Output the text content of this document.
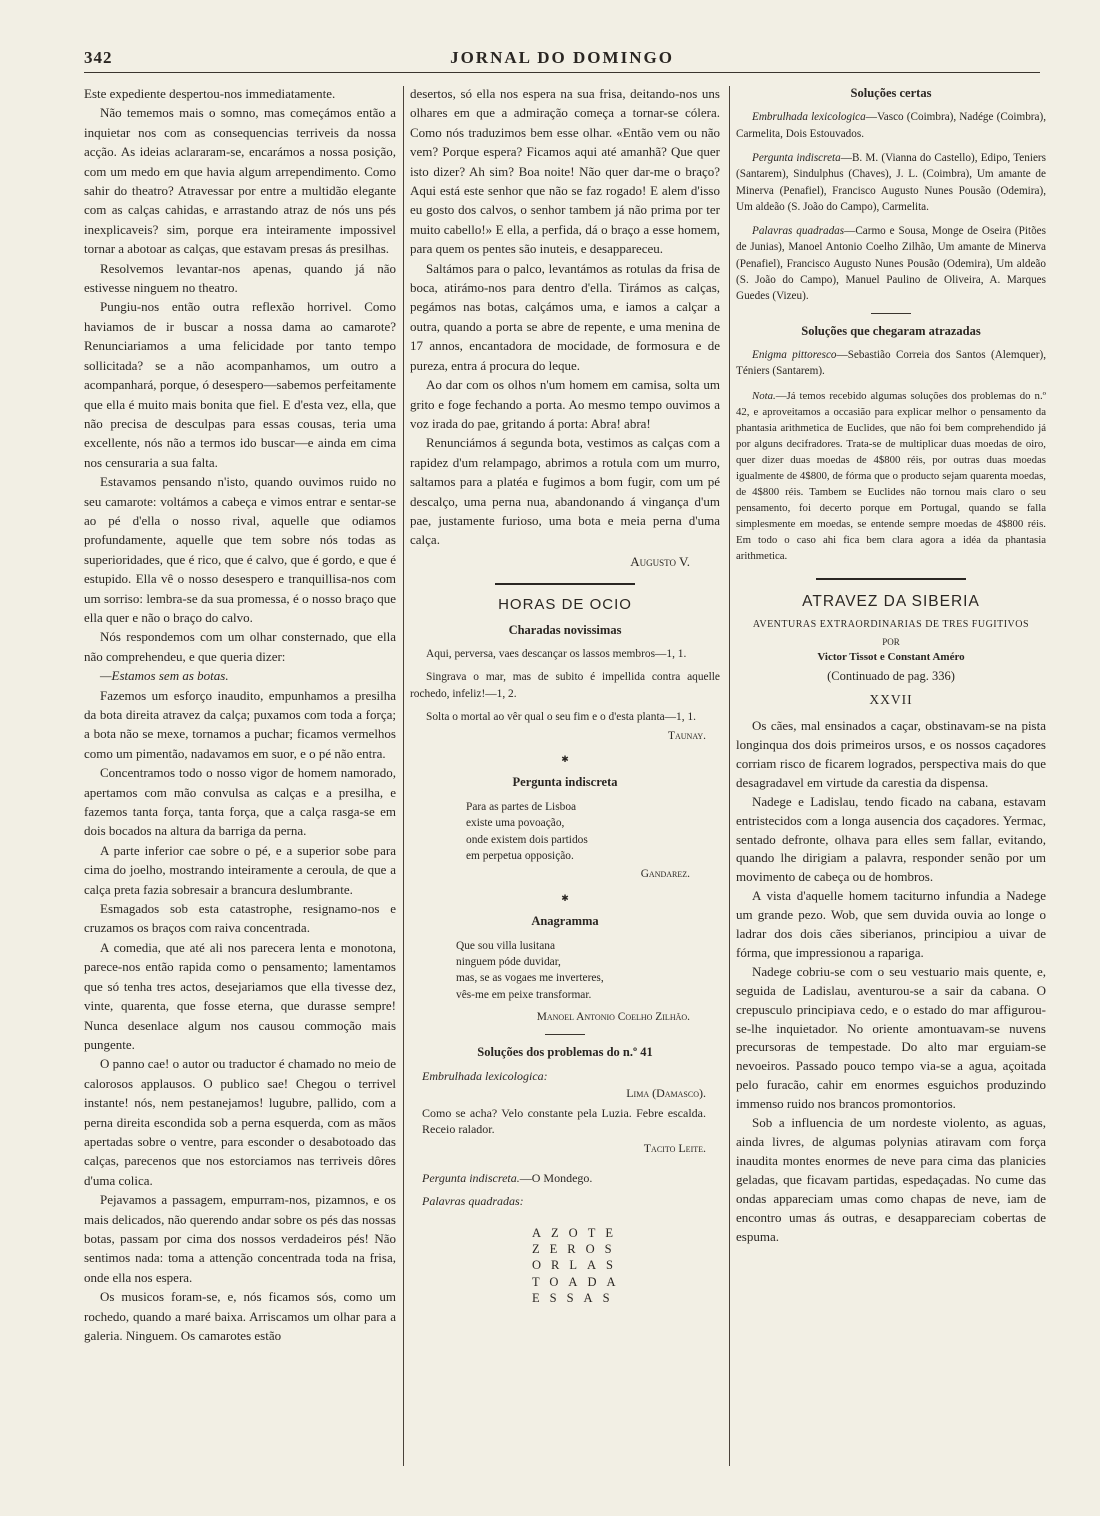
342	JORNAL DO DOMINGO

Este expediente despertou-nos immediatamente.

Não tememos mais o somno, mas começámos então a inquietar nos com as consequencias terriveis da nossa acção. As ideias aclararam-se, encarámos a nossa posição, com um medo em que havia algum arrependimento. Como sahir do theatro? Atravessar por entre a multidão elegante com as calças cahidas, e arrastando atraz de nós uns pés inexplicaveis? sim, porque era inteiramente impossivel tornar a abotoar as calças, que estavam presas ás presilhas.

Resolvemos levantar-nos apenas, quando já não estivesse ninguem no theatro.

Pungiu-nos então outra reflexão horrivel. Como haviamos de ir buscar a nossa dama ao camarote? Renunciariamos a uma felicidade por tanto tempo sollicitada? se a não acompanhamos, um outro a acompanhará, porque, ó desespero—sabemos perfeitamente que ella é muito mais bonita que fiel. E d'esta vez, ella, que não precisa de desculpas para essas cousas, teria uma excellente, nós não a termos ido buscar—e ainda em cima nos censuraria a sua falta.

Estavamos pensando n'isto, quando ouvimos ruido no seu camarote: voltámos a cabeça e vimos entrar e sentar-se ao pé d'ella o nosso rival, aquelle que odiamos profundamente, aquelle que tem sobre nós todas as superioridades, que é rico, que é calvo, que é gordo, e que é estupido. Ella vê o nosso desespero e tranquillisa-nos com um sorriso: lembra-se da sua promessa, é o nosso braço que ella quer e não o braço do calvo.

Nós respondemos com um olhar consternado, que ella não comprehendeu, e que queria dizer:

—Estamos sem as botas.

Fazemos um esforço inaudito, empunhamos a presilha da bota direita atravez da calça; puxamos com toda a força; a bota não se mexe, tornamos a puchar; ficamos vermelhos como um pimentão, nadavamos em suor, e o pé não entra.

Concentramos todo o nosso vigor de homem namorado, apertamos com mão convulsa as calças e a presilha, e fazemos tanta força, tanta força, que a calça rasga-se em dois bocados na altura da barriga da perna.

A parte inferior cae sobre o pé, e a superior sobe para cima do joelho, mostrando inteiramente a ceroula, de que a calça preta fazia sobresair a brancura deslumbrante.

Esmagados sob esta catastrophe, resignamo-nos e cruzamos os braços com raiva concentrada.

A comedia, que até ali nos parecera lenta e monotona, parece-nos então rapida como o pensamento; lamentamos que só tenha tres actos, desejariamos que ella tivesse dez, vinte, quarenta, que fosse eterna, que durasse sempre! Nunca desenlace algum nos causou commoção mais pungente.

O panno cae! o autor ou traductor é chamado no meio de calorosos applausos. O publico sae! Chegou o terrivel instante! nós, nem pestanejamos! lugubre, pallido, com a perna direita escondida sob a perna esquerda, com as mãos apertadas sobre o ventre, para esconder o desabotoado das calças, parecenos que nos estorciamos nas terriveis dôres d'uma colica.

Pejavamos a passagem, empurram-nos, pizamnos, e os mais delicados, não querendo andar sobre os pés das nossas botas, passam por cima dos nossos verdadeiros pés! Não sentimos nada: toma a attenção concentrada toda na frisa, onde ella nos espera.

Os musicos foram-se, e, nós ficamos sós, como um rochedo, quando a maré baixa. Arriscamos um olhar para a galeria. Ninguem. Os camarotes estão

desertos, só ella nos espera na sua frisa, deitando-nos uns olhares em que a admiração começa a tornar-se cólera. Como nós traduzimos bem esse olhar. «Então vem ou não vem? Porque espera? Ficamos aqui até amanhã? Que quer isto dizer? Ah sim? Boa noite! Não quer dar-me o braço? Aqui está este senhor que não se faz rogado! E alem d'isso eu gosto dos calvos, o senhor tambem já não prima por ter muito cabello!» E ella, a perfida, dá o braço a esse homem, para quem os pentes são inuteis, e desappareceu.

Saltámos para o palco, levantámos as rotulas da frisa de boca, atirámo-nos para dentro d'ella. Tirámos as calças, pegámos nas botas, calçámos uma, e iamos a calçar a outra, quando a porta se abre de repente, e uma menina de 17 annos, encantadora de mocidade, de formosura e de pureza, entra á procura do leque.

Ao dar com os olhos n'um homem em camisa, solta um grito e foge fechando a porta. Ao mesmo tempo ouvimos a voz irada do pae, gritando á porta: Abra! abra!

Renunciámos á segunda bota, vestimos as calças com a rapidez d'um relampago, abrimos a rotula com um murro, saltamos para a platéa e fugimos a bom fugir, com um pé descalço, uma perna nua, abandonando á vingança d'um pae, justamente furioso, uma bota e meia perna d'uma calça.

Augusto V.
HORAS DE OCIO
Charadas novissimas

Aqui, perversa, vaes descançar os lassos membros—1, 1.

Singrava o mar, mas de subito é impellida contra aquelle rochedo, infeliz!—1, 2.

Solta o mortal ao vêr qual o seu fim e o d'esta planta—1, 1.

Taunay.
✱
Pergunta indiscreta
Para as partes de Lisboa
existe uma povoação,
onde existem dois partidos
em perpetua opposição.
Gandarez.
✱
Anagramma
Que sou villa lusitana
ninguem póde duvidar,
mas, se as vogaes me inverteres,
vês-me em peixe transformar.
Manoel Antonio Coelho Zilhão.
Soluções dos problemas do n.º 41
Embrulhada lexicologica:
Lima (Damasco).

Como se acha? Velo constante pela Luzia. Febre escalda. Receio ralador.

Tacito Leite.
Pergunta indiscreta.—O Mondego.
Palavras quadradas:
AZOTE
ZEROS
ORLAS
TOADA
ESSAS
Soluções certas

Embrulhada lexicologica—Vasco (Coimbra), Nadége (Coimbra), Carmelita, Dois Estouvados.

Pergunta indiscreta—B. M. (Vianna do Castello), Edipo, Teniers (Santarem), Sindulphus (Chaves), J. L. (Coimbra), Um amante de Minerva (Penafiel), Francisco Augusto Nunes Pousão (Odemira), Um aldeão (S. João do Campo), Carmelita.

Palavras quadradas—Carmo e Sousa, Monge de Oseira (Pitões de Junias), Manoel Antonio Coelho Zilhão, Um amante de Minerva (Penafiel), Francisco Augusto Nunes Pousão (Odemira), Um aldeão (S. João do Campo), Manuel Paulino de Oliveira, A. Marques Guedes (Vizeu).

Soluções que chegaram atrazadas

Enigma pittoresco—Sebastião Correia dos Santos (Alemquer), Téniers (Santarem).

Nota.—Já temos recebido algumas soluções dos problemas do n.º 42, e aproveitamos a occasião para explicar melhor o pensamento da phantasia arithmetica de Euclides, que não foi bem comprehendido já por alguns decifradores. Trata-se de multiplicar duas moedas de oiro, quer dizer duas moedas de 4$800 réis, por outras duas moedas igualmente de 4$800, de fórma que o producto sejam quarenta moedas, de 4$800 réis. Tambem se Euclides não tornou mais claro o seu pensamento, foi decerto porque em Portugal, quando se falla simplesmente em moedas, se entende sempre moedas de 4$800 réis. Em todo o caso ahi fica bem clara agora a idéa da phantasia arithmetica.

ATRAVEZ DA SIBERIA
AVENTURAS EXTRAORDINARIAS DE TRES FUGITIVOS
POR
Victor Tissot e Constant Améro
(Continuado de pag. 336)
XXVII

Os cães, mal ensinados a caçar, obstinavam-se na pista longinqua dos dois primeiros ursos, e os nossos caçadores corriam risco de ficarem logrados, perspectiva mais do que desagradavel em virtude da carestia da dispensa.

Nadege e Ladislau, tendo ficado na cabana, estavam entristecidos com a longa ausencia dos caçadores. Yermac, sentado defronte, olhava para elles sem fallar, evitando, quando lhe dirigiam a palavra, responder senão por um movimento de cabeça ou de hombros.

A vista d'aquelle homem taciturno infundia a Nadege um grande pezo. Wob, que sem duvida ouvia ao longe o ladrar dos dois cães siberianos, principiou a uivar de fórma, que impressionou a rapariga.

Nadege cobriu-se com o seu vestuario mais quente, e, seguida de Ladislau, aventurou-se a sair da cabana. O crepusculo principiava cedo, e o estado do mar affigurou-se-lhe inquietador. No oriente amontuavam-se nuvens precursoras de tempestade. Do alto mar erguiam-se nevoeiros. Passado pouco tempo via-se a agua, açoitada pelo furacão, cahir em enormes esguichos produzindo immenso ruido nos brancos promontorios.

Sob a influencia de um nordeste violento, as aguas, ainda livres, de algumas polynias atiravam com força inaudita montes enormes de neve para cima das planicies geladas, que ficavam partidas, espedaçadas. No cume das ondas appareciam umas como chapas de neve, iam de encontro umas ás outras, e desappareciam cobertas de espuma.
